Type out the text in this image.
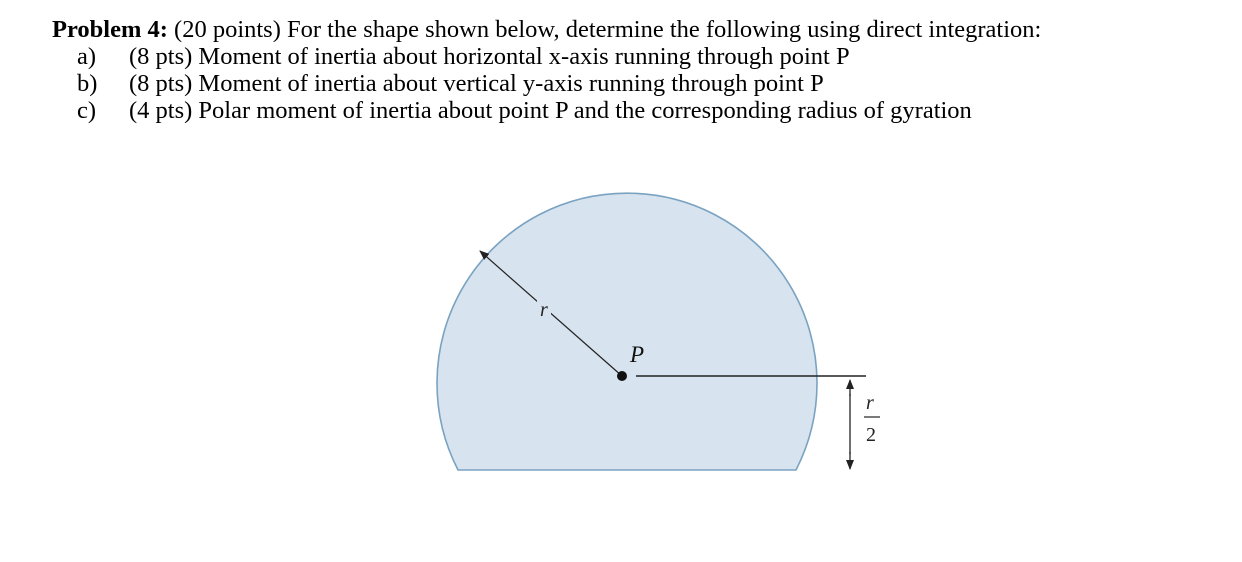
Problem 4: (20 points) For the shape shown below, determine the following using direct integration:
a) (8 pts) Moment of inertia about horizontal x-axis running through point P
b) (8 pts) Moment of inertia about vertical y-axis running through point P
c) (4 pts) Polar moment of inertia about point P and the corresponding radius of gyration
r
P
r
2
